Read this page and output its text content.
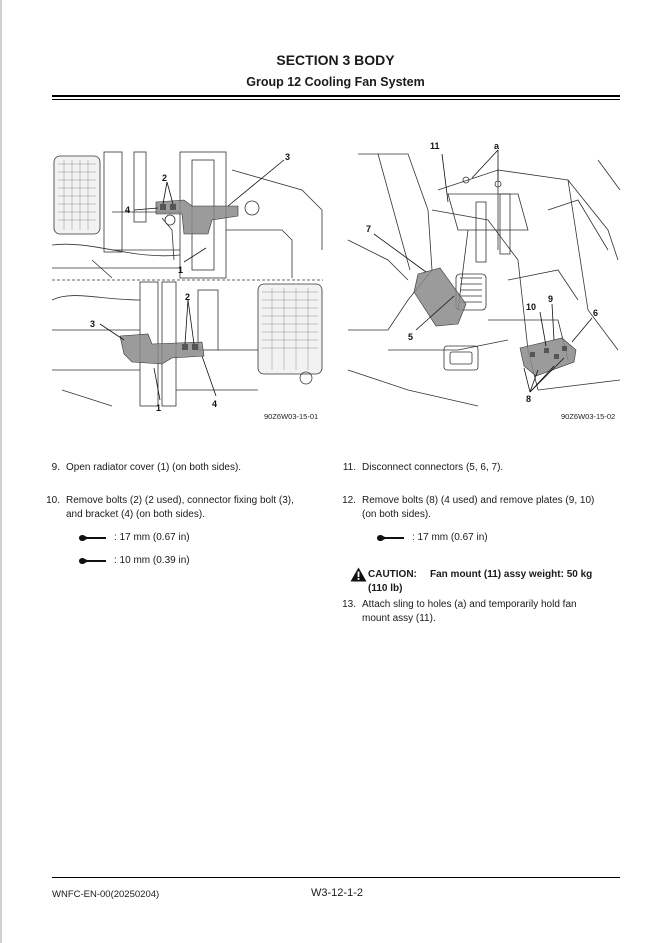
SECTION 3 BODY
Group 12 Cooling Fan System
2
3
4
1
2
3
1	4
90Z6W03-15-01
11	a
7
5
10
9
6
8
90Z6W03-15-02
9. Open radiator cover (1) (on both sides).
10. Remove bolts (2) (2 used), connector fixing bolt (3),
and bracket (4) (on both sides).
: 17 mm (0.67 in)
: 10 mm (0.39 in)
11. Disconnect connectors (5, 6, 7).
12. Remove bolts (8) (4 used) and remove plates (9, 10)
(on both sides).
: 17 mm (0.67 in)
CAUTION: Fan mount (11) assy weight: 50 kg
(110 lb)
13. Attach sling to holes (a) and temporarily hold fan
mount assy (11).
WNFC-EN-00(20250204)	W3-12-1-2
